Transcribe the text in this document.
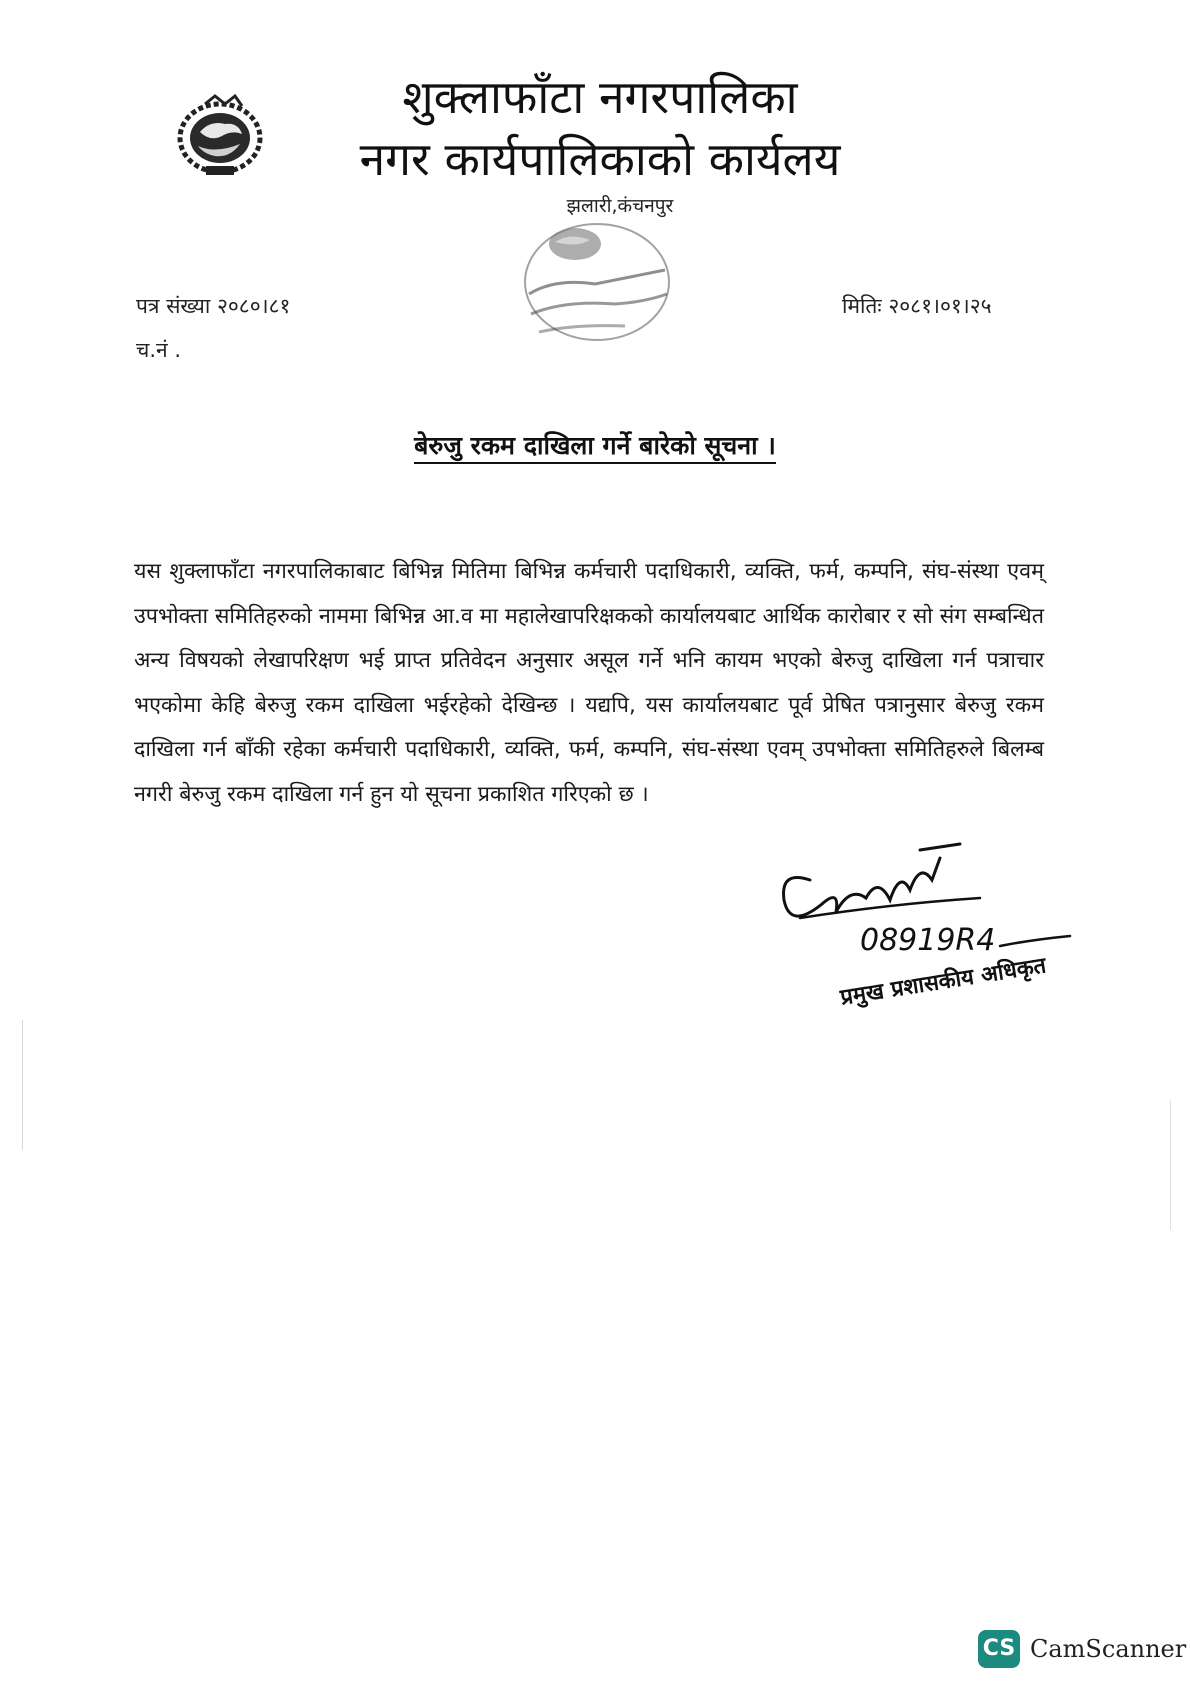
शुक्लाफाँटा नगरपालिका
नगर कार्यपालिकाको कार्यलय
झलारी,कंचनपुर
पत्र संख्या २०८०।८१
च.नं .
मितिः २०८१।०१।२५
बेरुजु रकम दाखिला गर्ने बारेको सूचना ।
यस शुक्लाफाँटा नगरपालिकाबाट बिभिन्न मितिमा बिभिन्न कर्मचारी पदाधिकारी, व्यक्ति, फर्म, कम्पनि, संघ-संस्था एवम् उपभोक्ता समितिहरुको नाममा बिभिन्न आ.व मा महालेखापरिक्षकको कार्यालयबाट आर्थिक कारोबार र सो संग सम्बन्धित अन्य विषयको लेखापरिक्षण भई प्राप्त प्रतिवेदन अनुसार असूल गर्ने भनि कायम भएको बेरुजु दाखिला गर्न पत्राचार भएकोमा केहि बेरुजु रकम दाखिला भईरहेको देखिन्छ । यद्यपि, यस कार्यालयबाट पूर्व प्रेषित पत्रानुसार बेरुजु रकम दाखिला गर्न बाँकी रहेका कर्मचारी पदाधिकारी, व्यक्ति, फर्म, कम्पनि, संघ-संस्था एवम् उपभोक्ता समितिहरुले बिलम्ब नगरी बेरुजु रकम दाखिला गर्न हुन यो सूचना प्रकाशित गरिएको छ ।
08919R4
प्रमुख प्रशासकीय अधिकृत
CS CamScanner
